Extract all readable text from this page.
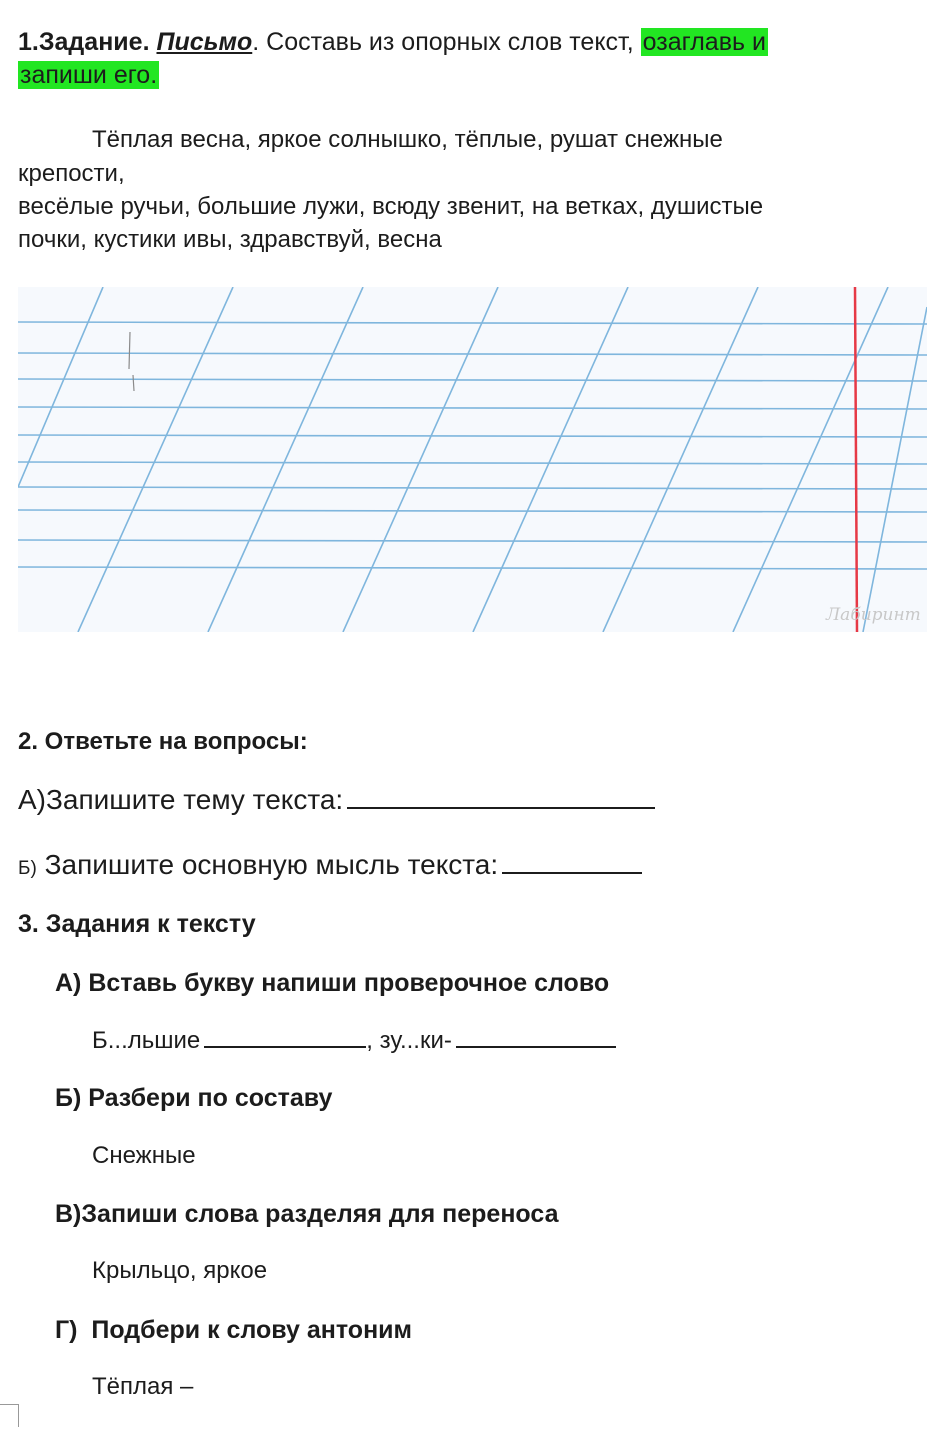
1.Задание. Письмо. Составь из опорных слов текст, озаглавь и
запиши его.
Тёплая весна, яркое солнышко, тёплые, рушат снежные
крепости,
весёлые ручьи, большие лужи, всюду звенит, на ветках, душистые
почки, кустики ивы, здравствуй, весна
Лабиринт
2. Ответьте на вопросы:
А)Запишите тему текста:
Б) Запишите основную мысль текста:
3. Задания к тексту
А) Вставь букву напиши проверочное слово
Б...льшие	, зу...ки-
Б) Разбери по составу
Снежные
В)Запиши слова разделяя для переноса
Крыльцо, яркое
Г)  Подбери к слову антоним
Тёплая –
